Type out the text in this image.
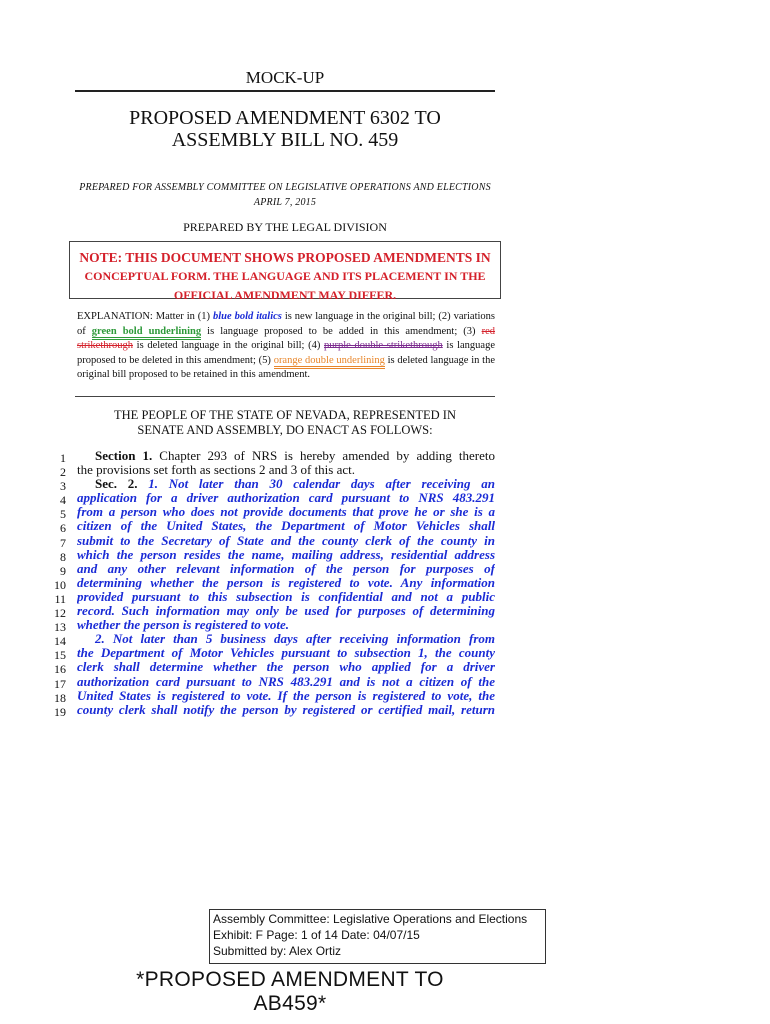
MOCK-UP
PROPOSED AMENDMENT 6302 TO
ASSEMBLY BILL NO. 459
PREPARED FOR ASSEMBLY COMMITTEE ON LEGISLATIVE OPERATIONS AND ELECTIONS
APRIL 7, 2015
PREPARED BY THE LEGAL DIVISION
NOTE: THIS DOCUMENT SHOWS PROPOSED AMENDMENTS IN
CONCEPTUAL FORM. THE LANGUAGE AND ITS PLACEMENT IN THE
OFFICIAL AMENDMENT MAY DIFFER.
EXPLANATION: Matter in (1) blue bold italics is new language in the original bill; (2) variations of green bold underlining is language proposed to be added in this amendment; (3) red strikethrough is deleted language in the original bill; (4) purple double strikethrough is language proposed to be deleted in this amendment; (5) orange double underlining is deleted language in the original bill proposed to be retained in this amendment.
THE PEOPLE OF THE STATE OF NEVADA, REPRESENTED IN
SENATE AND ASSEMBLY, DO ENACT AS FOLLOWS:
1
2
3
4
5
6
7
8
9
10
11
12
13
14
15
16
17
18
19
Section 1. Chapter 293 of NRS is hereby amended by adding thereto
the provisions set forth as sections 2 and 3 of this act.
Sec. 2. 1. Not later than 30 calendar days after receiving an
application for a driver authorization card pursuant to NRS 483.291
from a person who does not provide documents that prove he or she is a
citizen of the United States, the Department of Motor Vehicles shall
submit to the Secretary of State and the county clerk of the county in
which the person resides the name, mailing address, residential address
and any other relevant information of the person for purposes of
determining whether the person is registered to vote. Any information
provided pursuant to this subsection is confidential and not a public
record. Such information may only be used for purposes of determining
whether the person is registered to vote.
2. Not later than 5 business days after receiving information from
the Department of Motor Vehicles pursuant to subsection 1, the county
clerk shall determine whether the person who applied for a driver
authorization card pursuant to NRS 483.291 and is not a citizen of the
United States is registered to vote. If the person is registered to vote, the
county clerk shall notify the person by registered or certified mail, return
Assembly Committee: Legislative Operations and Elections
Exhibit: F Page: 1 of 14 Date: 04/07/15
Submitted by: Alex Ortiz
*PROPOSED AMENDMENT TO AB459*
